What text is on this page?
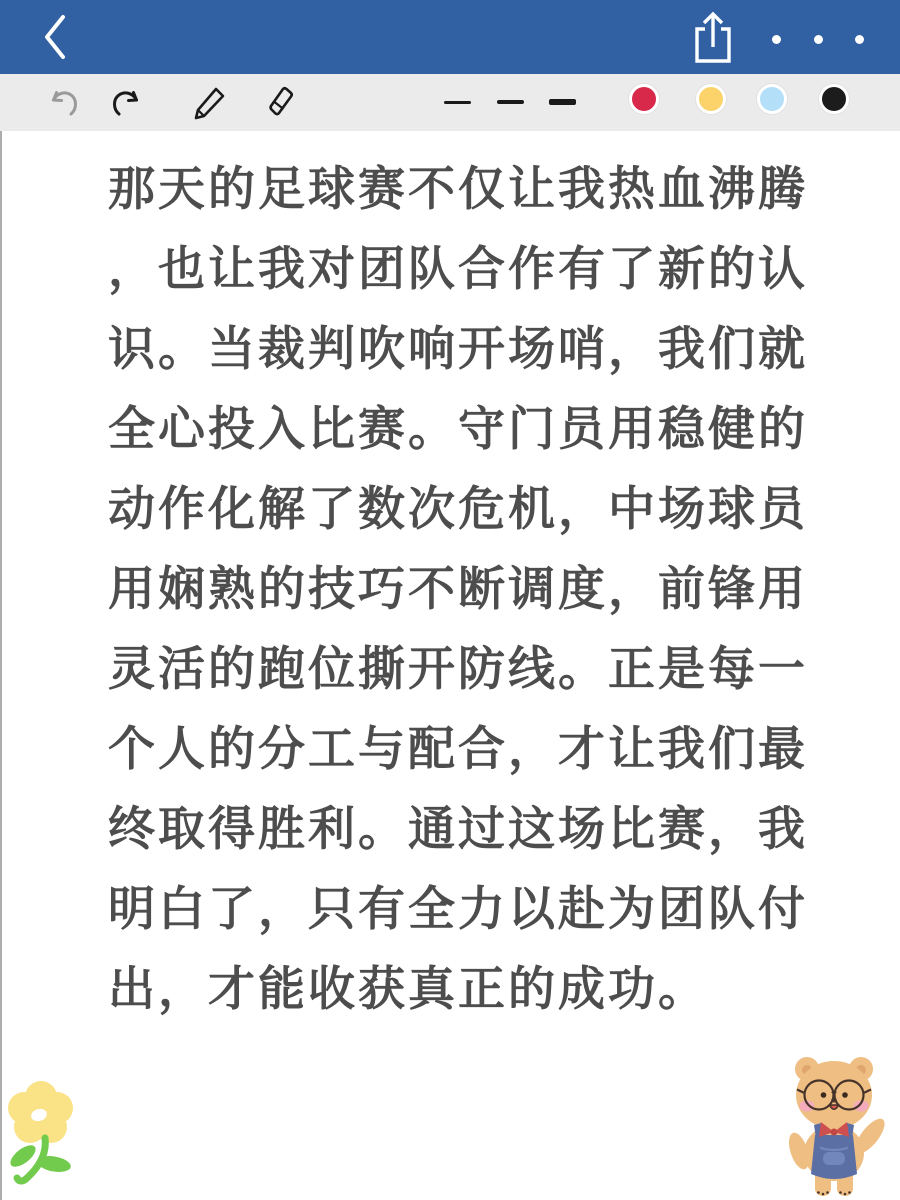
那天的足球赛不仅让我热血沸腾
，也让我对团队合作有了新的认
识。当裁判吹响开场哨，我们就
全心投入比赛。守门员用稳健的
动作化解了数次危机，中场球员
用娴熟的技巧不断调度，前锋用
灵活的跑位撕开防线。正是每一
个人的分工与配合，才让我们最
终取得胜利。通过这场比赛，我
明白了，只有全力以赴为团队付
出，才能收获真正的成功。
